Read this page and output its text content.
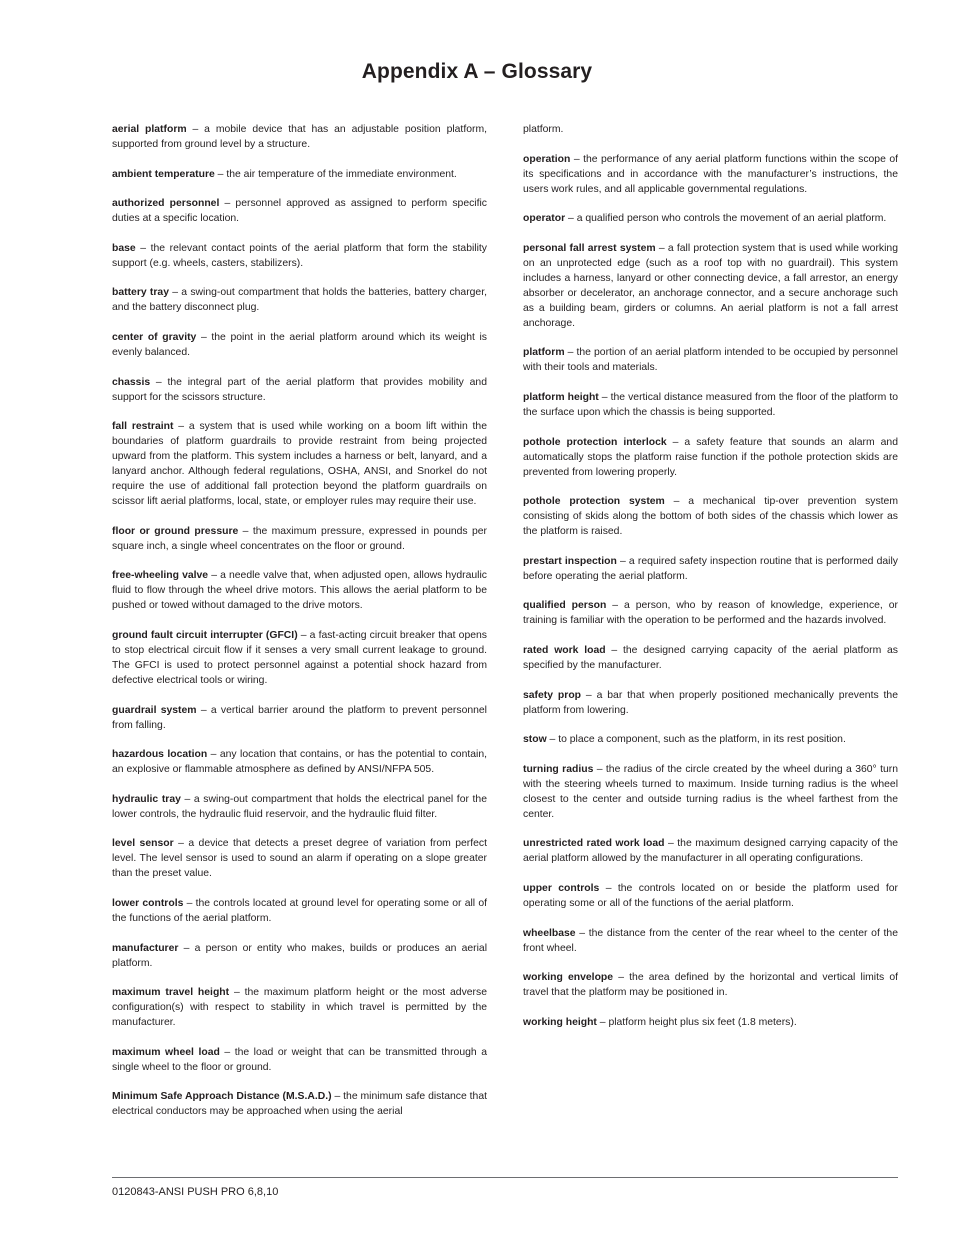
Appendix A – Glossary

aerial platform – a mobile device that has an adjustable position platform, supported from ground level by a structure.

ambient temperature – the air temperature of the immediate environment.

authorized personnel – personnel approved as assigned to perform specific duties at a specific location.

base – the relevant contact points of the aerial platform that form the stability support (e.g. wheels, casters, stabilizers).

battery tray – a swing-out compartment that holds the batteries, battery charger, and the battery disconnect plug.

center of gravity – the point in the aerial platform around which its weight is evenly balanced.

chassis – the integral part of the aerial platform that provides mobility and support for the scissors structure.

fall restraint – a system that is used while working on a boom lift within the boundaries of platform guardrails to provide restraint from being projected upward from the platform. This system includes a harness or belt, lanyard, and a lanyard anchor. Although federal regulations, OSHA, ANSI, and Snorkel do not require the use of additional fall protection beyond the platform guardrails on scissor lift aerial platforms, local, state, or employer rules may require their use.

floor or ground pressure – the maximum pressure, expressed in pounds per square inch, a single wheel concentrates on the floor or ground.

free-wheeling valve – a needle valve that, when adjusted open, allows hydraulic fluid to flow through the wheel drive motors. This allows the aerial platform to be pushed or towed without damaged to the drive motors.

ground fault circuit interrupter (GFCI) – a fast-acting circuit breaker that opens to stop electrical circuit flow if it senses a very small current leakage to ground. The GFCI is used to protect personnel against a potential shock hazard from defective electrical tools or wiring.

guardrail system – a vertical barrier around the platform to prevent personnel from falling.

hazardous location – any location that contains, or has the potential to contain, an explosive or flammable atmosphere as defined by ANSI/NFPA 505.

hydraulic tray – a swing-out compartment that holds the electrical panel for the lower controls, the hydraulic fluid reservoir, and the hydraulic fluid filter.

level sensor – a device that detects a preset degree of variation from perfect level. The level sensor is used to sound an alarm if operating on a slope greater than the preset value.

lower controls – the controls located at ground level for operating some or all of the functions of the aerial platform.

manufacturer – a person or entity who makes, builds or produces an aerial platform.

maximum travel height – the maximum platform height or the most adverse configuration(s) with respect to stability in which travel is permitted by the manufacturer.

maximum wheel load – the load or weight that can be transmitted through a single wheel to the floor or ground.

Minimum Safe Approach Distance (M.S.A.D.) – the minimum safe distance that electrical conductors may be approached when using the aerial

platform.

operation – the performance of any aerial platform functions within the scope of its specifications and in accordance with the manufacturer’s instructions, the users work rules, and all applicable governmental regulations.

operator – a qualified person who controls the movement of an aerial platform.

personal fall arrest system – a fall protection system that is used while working on an unprotected edge (such as a roof top with no guardrail). This system includes a harness, lanyard or other connecting device, a fall arrestor, an energy absorber or decelerator, an anchorage connector, and a secure anchorage such as a building beam, girders or columns. An aerial platform is not a fall arrest anchorage.

platform – the portion of an aerial platform intended to be occupied by personnel with their tools and materials.

platform height – the vertical distance measured from the floor of the platform to the surface upon which the chassis is being supported.

pothole protection interlock – a safety feature that sounds an alarm and automatically stops the platform raise function if the pothole protection skids are prevented from lowering properly.

pothole protection system – a mechanical tip-over prevention system consisting of skids along the bottom of both sides of the chassis which lower as the platform is raised.

prestart inspection – a required safety inspection routine that is performed daily before operating the aerial platform.

qualified person – a person, who by reason of knowledge, experience, or training is familiar with the operation to be performed and the hazards involved.

rated work load – the designed carrying capacity of the aerial platform as specified by the manufacturer.

safety prop – a bar that when properly positioned mechanically prevents the platform from lowering.

stow – to place a component, such as the platform, in its rest position.

turning radius – the radius of the circle created by the wheel during a 360° turn with the steering wheels turned to maximum. Inside turning radius is the wheel closest to the center and outside turning radius is the wheel farthest from the center.

unrestricted rated work load – the maximum designed carrying capacity of the aerial platform allowed by the manufacturer in all operating configurations.

upper controls – the controls located on or beside the platform used for operating some or all of the functions of the aerial platform.

wheelbase – the distance from the center of the rear wheel to the center of the front wheel.

working envelope – the area defined by the horizontal and vertical limits of travel that the platform may be positioned in.

working height – platform height plus six feet (1.8 meters).

0120843-ANSI PUSH PRO 6,8,10
